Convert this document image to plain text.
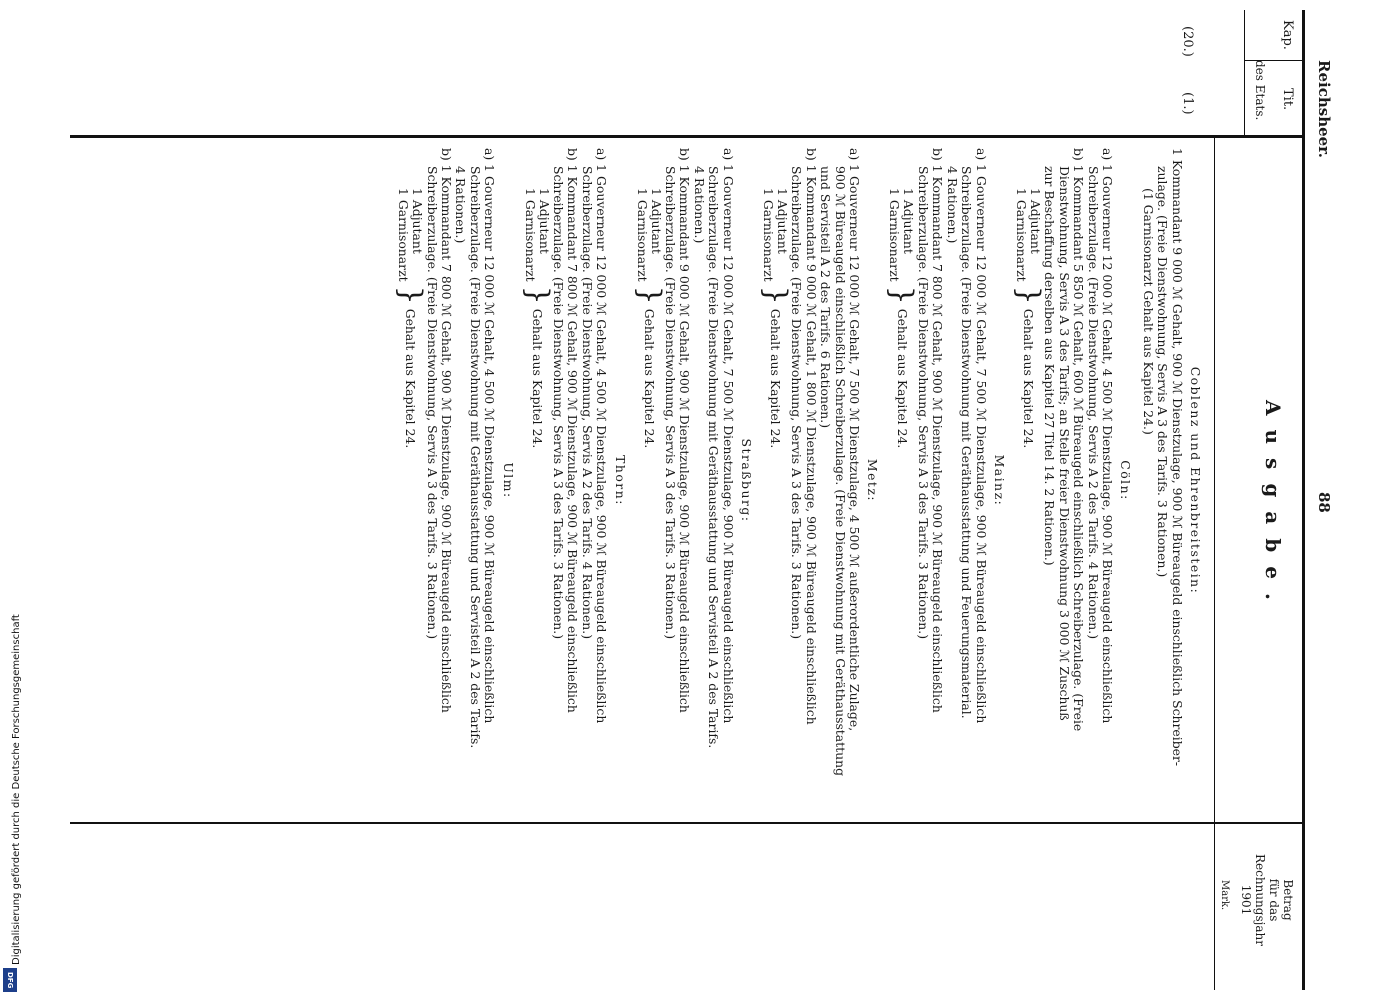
Digitalisierung gefördert durch die Deutsche Forschungsgemeinschaft
DFG
Reichsheer.
88
Kap.
Tit.
des Etats.
(20.)
(1.)
Ausgabe.
Betrag
für das
Rechnungsjahr
1901
Mark.
Coblenz und Ehrenbreitstein:
1 Kommandant 9 000 ℳ Gehalt, 900 ℳ Dienstzulage, 900 ℳ Büreaugeld einschließlich Schreiber-
zulage. (Freie Dienstwohnung, Servis A 3 des Tarifs. 3 Rationen.)
(1 Garnisonarzt Gehalt aus Kapitel 24.)
Cöln:
a) 1 Gouverneur 12 000 ℳ Gehalt, 4 500 ℳ Dienstzulage, 900 ℳ Büreaugeld einschließlich
Schreiberzulage. (Freie Dienstwohnung, Servis A 2 des Tarifs. 4 Rationen.)
b) 1 Kommandant 5 850 ℳ Gehalt, 600 ℳ Büreaugeld einschließlich Schreiberzulage. (Freie
Dienstwohnung, Servis A 3 des Tarifs; an Stelle freier Dienstwohnung 3 000 ℳ Zuschuß
zur Beschaffung derselben aus Kapitel 27 Titel 14. 2 Rationen.)
1 Adjutant
1 Garnisonarzt
}
Gehalt aus Kapitel 24.
Mainz:
a) 1 Gouverneur 12 000 ℳ Gehalt, 7 500 ℳ Dienstzulage, 900 ℳ Büreaugeld einschließlich
Schreiberzulage. (Freie Dienstwohnung mit Geräthausstattung und Feuerungsmaterial.
4 Rationen.)
b) 1 Kommandant 7 800 ℳ Gehalt, 900 ℳ Dienstzulage, 900 ℳ Büreaugeld einschließlich
Schreiberzulage. (Freie Dienstwohnung, Servis A 3 des Tarifs. 3 Rationen.)
1 Adjutant
1 Garnisonarzt
}
Gehalt aus Kapitel 24.
Metz:
a) 1 Gouverneur 12 000 ℳ Gehalt, 7 500 ℳ Dienstzulage, 4 500 ℳ außerordentliche Zulage,
900 ℳ Büreaugeld einschließlich Schreiberzulage. (Freie Dienstwohnung mit Geräthausstattung
und Servisteil A 2 des Tarifs. 6 Rationen.)
b) 1 Kommandant 9 000 ℳ Gehalt, 1 800 ℳ Dienstzulage, 900 ℳ Büreaugeld einschließlich
Schreiberzulage. (Freie Dienstwohnung, Servis A 3 des Tarifs. 3 Rationen.)
1 Adjutant
1 Garnisonarzt
}
Gehalt aus Kapitel 24.
Straßburg:
a) 1 Gouverneur 12 000 ℳ Gehalt, 7 500 ℳ Dienstzulage, 900 ℳ Büreaugeld einschließlich
Schreiberzulage. (Freie Dienstwohnung mit Geräthausstattung und Servisteil A 2 des Tarifs.
4 Rationen.)
b) 1 Kommandant 9 000 ℳ Gehalt, 900 ℳ Dienstzulage, 900 ℳ Büreaugeld einschließlich
Schreiberzulage. (Freie Dienstwohnung, Servis A 3 des Tarifs. 3 Rationen.)
1 Adjutant
1 Garnisonarzt
}
Gehalt aus Kapitel 24.
Thorn:
a) 1 Gouverneur 12 000 ℳ Gehalt, 4 500 ℳ Dienstzulage, 900 ℳ Büreaugeld einschließlich
Schreiberzulage. (Freie Dienstwohnung, Servis A 2 des Tarifs. 4 Rationen.)
b) 1 Kommandant 7 800 ℳ Gehalt, 900 ℳ Dienstzulage, 900 ℳ Büreaugeld einschließlich
Schreiberzulage. (Freie Dienstwohnung, Servis A 3 des Tarifs. 3 Rationen.)
1 Adjutant
1 Garnisonarzt
}
Gehalt aus Kapitel 24.
Ulm:
a) 1 Gouverneur 12 000 ℳ Gehalt, 4 500 ℳ Dienstzulage, 900 ℳ Büreaugeld einschließlich
Schreiberzulage. (Freie Dienstwohnung mit Geräthausstattung und Servisteil A 2 des Tarifs.
4 Rationen.)
b) 1 Kommandant 7 800 ℳ Gehalt, 900 ℳ Dienstzulage, 900 ℳ Büreaugeld einschließlich
Schreiberzulage. (Freie Dienstwohnung, Servis A 3 des Tarifs. 3 Rationen.)
1 Adjutant
1 Garnisonarzt
}
Gehalt aus Kapitel 24.
